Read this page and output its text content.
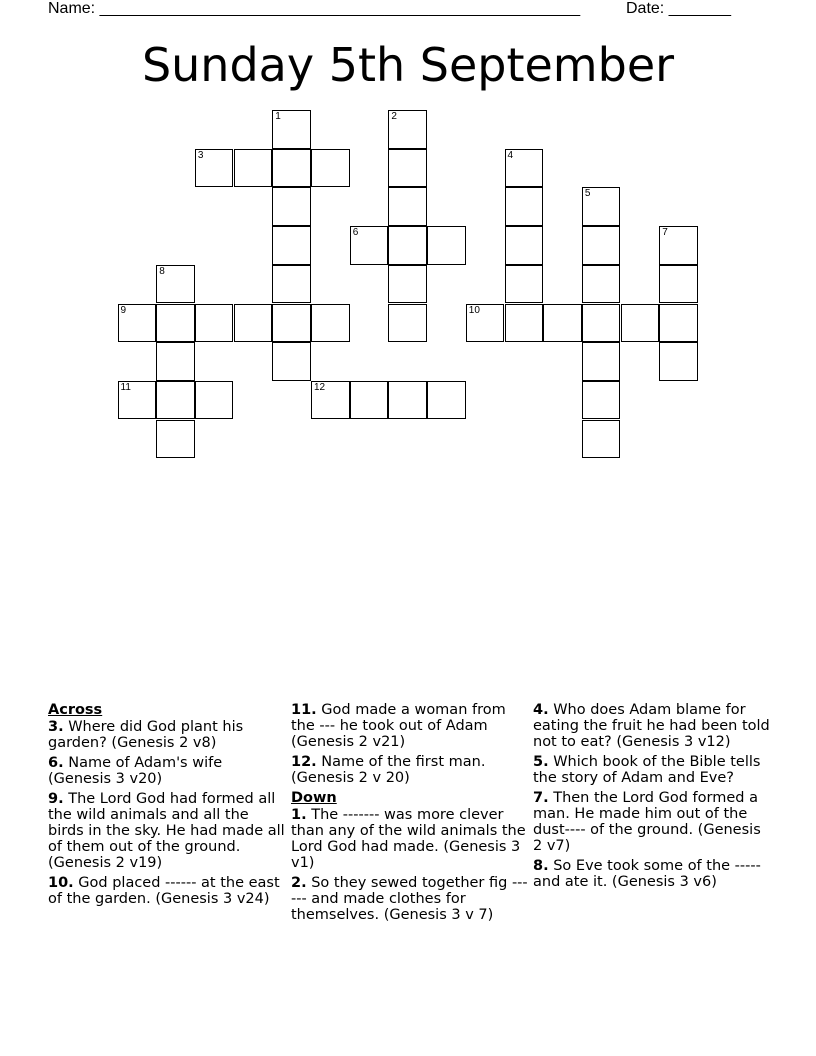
Name: ______________________________________________________	Date: _______
Sunday 5th September
1	2
3	4
5
6	7
8
9	10
11	12
Across
3. Where did God plant his garden? (Genesis 2 v8)
6. Name of Adam's wife (Genesis 3 v20)
9. The Lord God had formed all the wild animals and all the birds in the sky. He had made all of them out of the ground. (Genesis 2 v19)
10. God placed ------ at the east of the garden. (Genesis 3 v24)
11. God made a woman from the --- he took out of Adam (Genesis 2 v21)
12. Name of the first man. (Genesis 2 v 20)
Down
1. The ------- was more clever than any of the wild animals the Lord God had made. (Genesis 3 v1)
2. So they sewed together fig ------ and made clothes for themselves. (Genesis 3 v 7)
4. Who does Adam blame for eating the fruit he had been told not to eat? (Genesis 3 v12)
5. Which book of the Bible tells the story of Adam and Eve?
7. Then the Lord God formed a man. He made him out of the dust---- of the ground. (Genesis 2 v7)
8. So Eve took some of the ----- and ate it. (Genesis 3 v6)
